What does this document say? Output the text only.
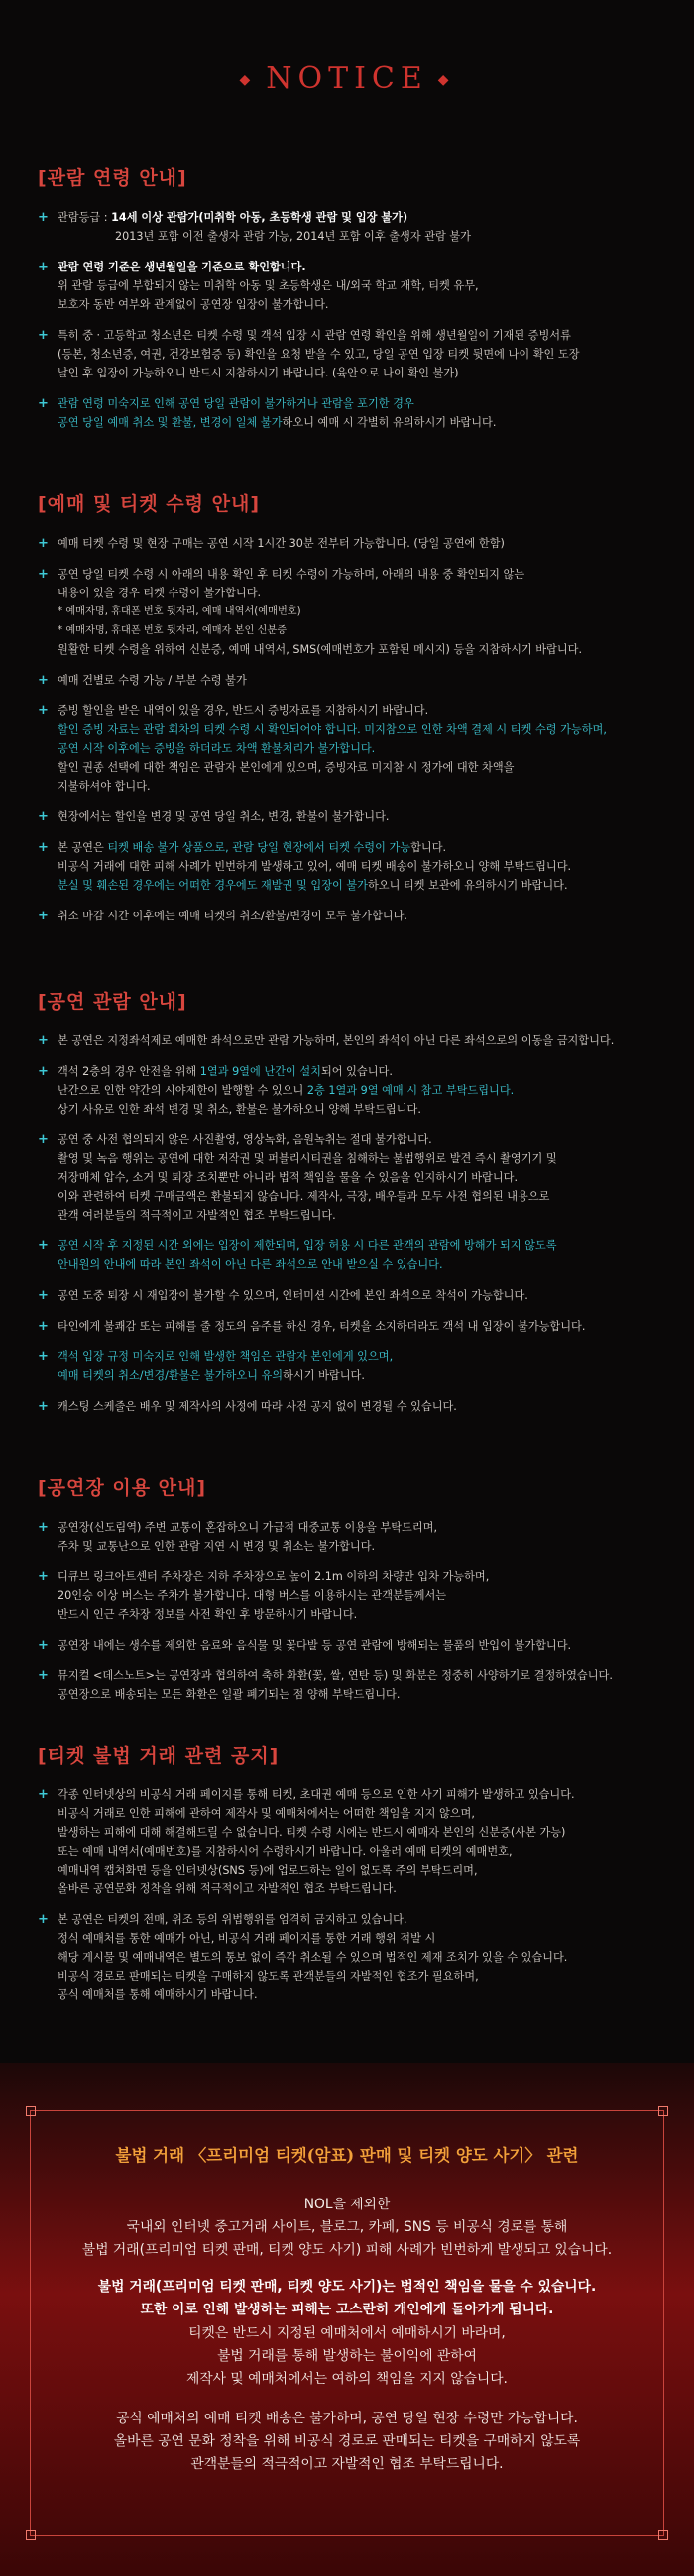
◆ NOTICE ◆
[관람 연령 안내]
+ 관람등급 : 14세 이상 관람가(미취학 아동, 초등학생 관람 및 입장 불가)
2013년 포함 이전 출생자 관람 가능, 2014년 포함 이후 출생자 관람 불가
+ 관람 연령 기준은 생년월일을 기준으로 확인합니다.
위 관람 등급에 부합되지 않는 미취학 아동 및 초등학생은 내/외국 학교 재학, 티켓 유무,
보호자 동반 여부와 관계없이 공연장 입장이 불가합니다.
+ 특히 중 · 고등학교 청소년은 티켓 수령 및 객석 입장 시 관람 연령 확인을 위해 생년월일이 기재된 증빙서류
(등본, 청소년증, 여권, 건강보험증 등) 확인을 요청 받을 수 있고, 당일 공연 입장 티켓 뒷면에 나이 확인 도장
날인 후 입장이 가능하오니 반드시 지참하시기 바랍니다. (육안으로 나이 확인 불가)
+ 관람 연령 미숙지로 인해 공연 당일 관람이 불가하거나 관람을 포기한 경우
공연 당일 예매 취소 및 환불, 변경이 일체 불가하오니 예매 시 각별히 유의하시기 바랍니다.
[예매 및 티켓 수령 안내]
+ 예매 티켓 수령 및 현장 구매는 공연 시작 1시간 30분 전부터 가능합니다. (당일 공연에 한함)
+ 공연 당일 티켓 수령 시 아래의 내용 확인 후 티켓 수령이 가능하며, 아래의 내용 중 확인되지 않는
내용이 있을 경우 티켓 수령이 불가합니다.
* 예매자명, 휴대폰 번호 뒷자리, 예매 내역서(예매번호)
* 예매자명, 휴대폰 번호 뒷자리, 예매자 본인 신분증
원활한 티켓 수령을 위하여 신분증, 예매 내역서, SMS(예매번호가 포함된 메시지) 등을 지참하시기 바랍니다.
+ 예매 건별로 수령 가능 / 부분 수령 불가
+ 증빙 할인을 받은 내역이 있을 경우, 반드시 증빙자료를 지참하시기 바랍니다.
할인 증빙 자료는 관람 회차의 티켓 수령 시 확인되어야 합니다. 미지참으로 인한 차액 결제 시 티켓 수령 가능하며,
공연 시작 이후에는 증빙을 하더라도 차액 환불처리가 불가합니다.
할인 권종 선택에 대한 책임은 관람자 본인에게 있으며, 증빙자료 미지참 시 정가에 대한 차액을
지불하셔야 합니다.
+ 현장에서는 할인을 변경 및 공연 당일 취소, 변경, 환불이 불가합니다.
+ 본 공연은 티켓 배송 불가 상품으로, 관람 당일 현장에서 티켓 수령이 가능합니다.
비공식 거래에 대한 피해 사례가 빈번하게 발생하고 있어, 예매 티켓 배송이 불가하오니 양해 부탁드립니다.
분실 및 훼손된 경우에는 어떠한 경우에도 재발권 및 입장이 불가하오니 티켓 보관에 유의하시기 바랍니다.
+ 취소 마감 시간 이후에는 예매 티켓의 취소/환불/변경이 모두 불가합니다.
[공연 관람 안내]
+ 본 공연은 지정좌석제로 예매한 좌석으로만 관람 가능하며, 본인의 좌석이 아닌 다른 좌석으로의 이동을 금지합니다.
+ 객석 2층의 경우 안전을 위해 1열과 9열에 난간이 설치되어 있습니다.
난간으로 인한 약간의 시야제한이 발행할 수 있으니 2층 1열과 9열 예매 시 참고 부탁드립니다.
상기 사유로 인한 좌석 변경 및 취소, 환불은 불가하오니 양해 부탁드립니다.
+ 공연 중 사전 협의되지 않은 사진촬영, 영상녹화, 음원녹취는 절대 불가합니다.
촬영 및 녹음 행위는 공연에 대한 저작권 및 퍼블리시티권을 침해하는 불법행위로 발견 즉시 촬영기기 및
저장매체 압수, 소거 및 퇴장 조치뿐만 아니라 법적 책임을 물을 수 있음을 인지하시기 바랍니다.
이와 관련하여 티켓 구매금액은 환불되지 않습니다. 제작사, 극장, 배우들과 모두 사전 협의된 내용으로
관객 여러분들의 적극적이고 자발적인 협조 부탁드립니다.
+ 공연 시작 후 지정된 시간 외에는 입장이 제한되며, 입장 허용 시 다른 관객의 관람에 방해가 되지 않도록
안내원의 안내에 따라 본인 좌석이 아닌 다른 좌석으로 안내 받으실 수 있습니다.
+ 공연 도중 퇴장 시 재입장이 불가할 수 있으며, 인터미션 시간에 본인 좌석으로 착석이 가능합니다.
+ 타인에게 불쾌감 또는 피해를 줄 정도의 음주를 하신 경우, 티켓을 소지하더라도 객석 내 입장이 불가능합니다.
+ 객석 입장 규정 미숙지로 인해 발생한 책임은 관람자 본인에게 있으며,
예매 티켓의 취소/변경/환불은 불가하오니 유의하시기 바랍니다.
+ 캐스팅 스케줄은 배우 및 제작사의 사정에 따라 사전 공지 없이 변경될 수 있습니다.
[공연장 이용 안내]
+ 공연장(신도림역) 주변 교통이 혼잡하오니 가급적 대중교통 이용을 부탁드리며,
주차 및 교통난으로 인한 관람 지연 시 변경 및 취소는 불가합니다.
+ 디큐브 링크아트센터 주차장은 지하 주차장으로 높이 2.1m 이하의 차량만 입차 가능하며,
20인승 이상 버스는 주차가 불가합니다. 대형 버스를 이용하시는 관객분들께서는
반드시 인근 주차장 정보를 사전 확인 후 방문하시기 바랍니다.
+ 공연장 내에는 생수를 제외한 음료와 음식물 및 꽃다발 등 공연 관람에 방해되는 물품의 반입이 불가합니다.
+ 뮤지컬 <데스노트>는 공연장과 협의하여 축하 화환(꽃, 쌀, 연탄 등) 및 화분은 정중히 사양하기로 결정하였습니다.
공연장으로 배송되는 모든 화환은 일괄 폐기되는 점 양해 부탁드립니다.
[티켓 불법 거래 관련 공지]
+ 각종 인터넷상의 비공식 거래 페이지를 통해 티켓, 초대권 예매 등으로 인한 사기 피해가 발생하고 있습니다.
비공식 거래로 인한 피해에 관하여 제작사 및 예매처에서는 어떠한 책임을 지지 않으며,
발생하는 피해에 대해 해결해드릴 수 없습니다. 티켓 수령 시에는 반드시 예매자 본인의 신분증(사본 가능)
또는 예매 내역서(예매번호)를 지참하시어 수령하시기 바랍니다. 아울러 예매 티켓의 예매번호,
예매내역 캡쳐화면 등을 인터넷상(SNS 등)에 업로드하는 일이 없도록 주의 부탁드리며,
올바른 공연문화 정착을 위해 적극적이고 자발적인 협조 부탁드립니다.
+ 본 공연은 티켓의 전매, 위조 등의 위법행위를 엄격히 금지하고 있습니다.
정식 예매처를 통한 예매가 아닌, 비공식 거래 페이지를 통한 거래 행위 적발 시
해당 게시물 및 예매내역은 별도의 통보 없이 즉각 취소될 수 있으며 법적인 제재 조치가 있을 수 있습니다.
비공식 경로로 판매되는 티켓을 구매하지 않도록 관객분들의 자발적인 협조가 필요하며,
공식 예매처를 통해 예매하시기 바랍니다.
불법 거래 〈프리미엄 티켓(암표) 판매 및 티켓 양도 사기〉 관련
NOL을 제외한
국내외 인터넷 중고거래 사이트, 블로그, 카페, SNS 등 비공식 경로를 통해
불법 거래(프리미엄 티켓 판매, 티켓 양도 사기) 피해 사례가 빈번하게 발생되고 있습니다.
불법 거래(프리미엄 티켓 판매, 티켓 양도 사기)는 법적인 책임을 물을 수 있습니다.
또한 이로 인해 발생하는 피해는 고스란히 개인에게 돌아가게 됩니다.
티켓은 반드시 지정된 예매처에서 예매하시기 바라며,
불법 거래를 통해 발생하는 불이익에 관하여
제작사 및 예매처에서는 여하의 책임을 지지 않습니다.
공식 예매처의 예매 티켓 배송은 불가하며, 공연 당일 현장 수령만 가능합니다.
올바른 공연 문화 정착을 위해 비공식 경로로 판매되는 티켓을 구매하지 않도록
관객분들의 적극적이고 자발적인 협조 부탁드립니다.
